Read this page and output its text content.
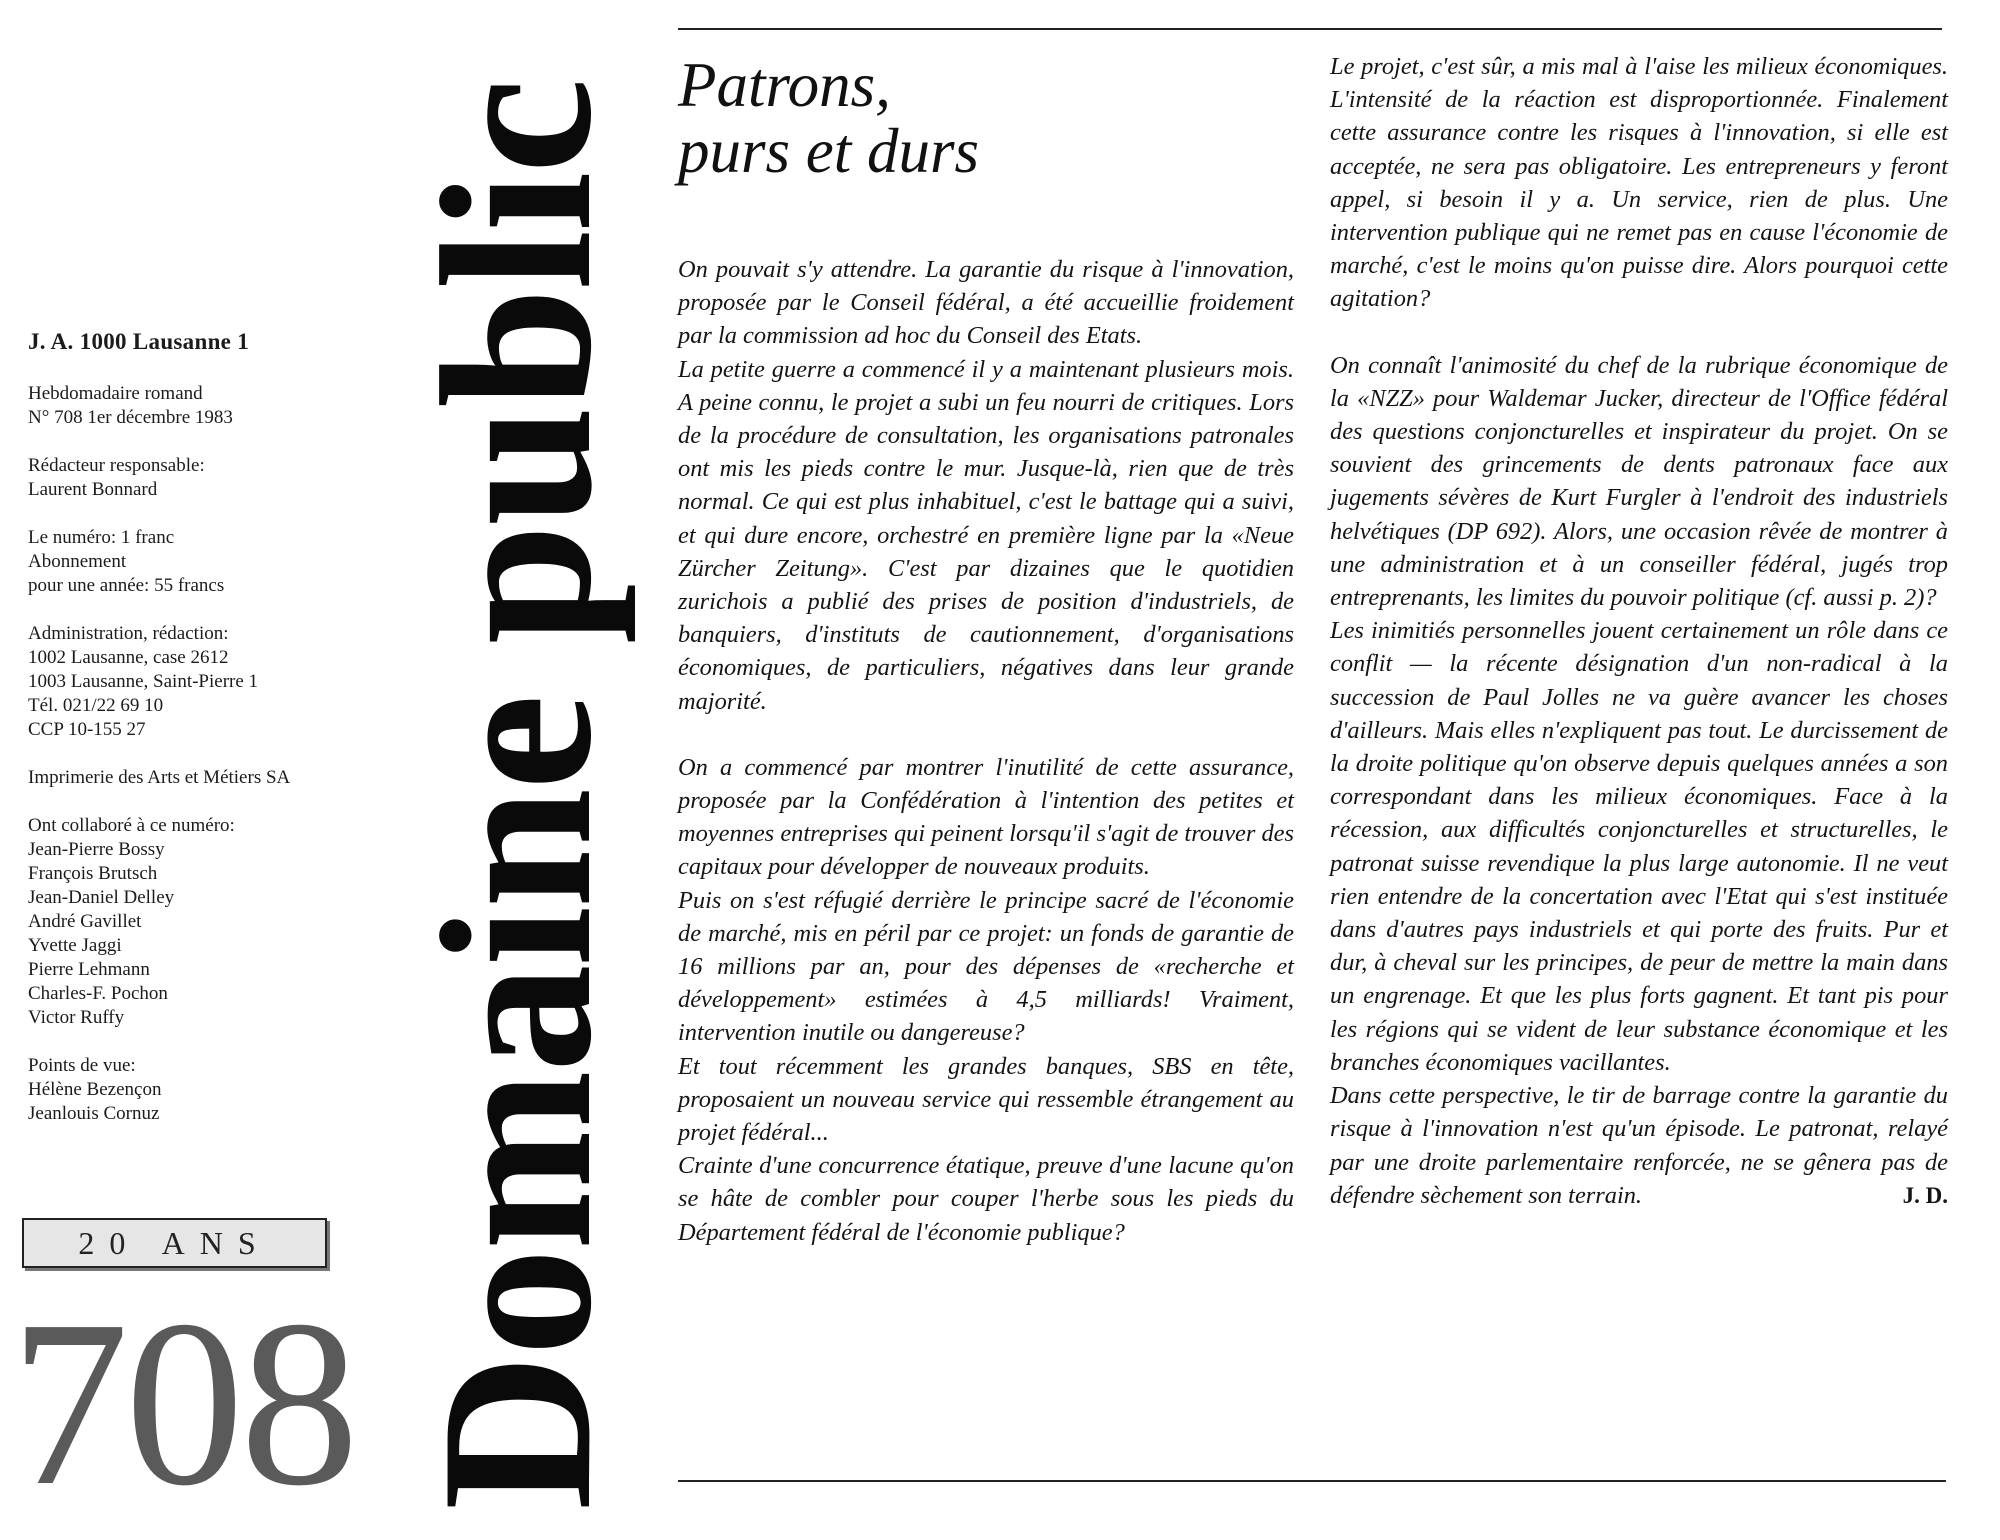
J. A. 1000 Lausanne 1
Hebdomadaire romand
N° 708 1er décembre 1983
Rédacteur responsable:
Laurent Bonnard
Le numéro: 1 franc
Abonnement
pour une année: 55 francs
Administration, rédaction:
1002 Lausanne, case 2612
1003 Lausanne, Saint-Pierre 1
Tél. 021/22 69 10
CCP 10-155 27
Imprimerie des Arts et Métiers SA
Ont collaboré à ce numéro:
Jean-Pierre Bossy
François Brutsch
Jean-Daniel Delley
André Gavillet
Yvette Jaggi
Pierre Lehmann
Charles-F. Pochon
Victor Ruffy
Points de vue:
Hélène Bezençon
Jeanlouis Cornuz
20 ANS
708 Domaine public Patrons,
purs et durs

On pouvait s'y attendre. La garantie du risque à l'innovation, proposée par le Conseil fédéral, a été accueillie froidement par la commission ad hoc du Conseil des Etats.

La petite guerre a commencé il y a maintenant plusieurs mois. A peine connu, le projet a subi un feu nourri de critiques. Lors de la procédure de consultation, les organisations patronales ont mis les pieds contre le mur. Jusque-là, rien que de très normal. Ce qui est plus inhabituel, c'est le battage qui a suivi, et qui dure encore, orchestré en première ligne par la «Neue Zürcher Zeitung». C'est par dizaines que le quotidien zurichois a publié des prises de position d'industriels, de banquiers, d'instituts de cautionnement, d'organisations économiques, de particuliers, négatives dans leur grande majorité.

On a commencé par montrer l'inutilité de cette assurance, proposée par la Confédération à l'intention des petites et moyennes entreprises qui peinent lorsqu'il s'agit de trouver des capitaux pour développer de nouveaux produits.

Puis on s'est réfugié derrière le principe sacré de l'économie de marché, mis en péril par ce projet: un fonds de garantie de 16 millions par an, pour des dépenses de «recherche et développement» estimées à 4,5 milliards! Vraiment, intervention inutile ou dangereuse?

Et tout récemment les grandes banques, SBS en tête, proposaient un nouveau service qui ressemble étrangement au projet fédéral...

Crainte d'une concurrence étatique, preuve d'une lacune qu'on se hâte de combler pour couper l'herbe sous les pieds du Département fédéral de l'économie publique?

Le projet, c'est sûr, a mis mal à l'aise les milieux économiques. L'intensité de la réaction est disproportionnée. Finalement cette assurance contre les risques à l'innovation, si elle est acceptée, ne sera pas obligatoire. Les entrepreneurs y feront appel, si besoin il y a. Un service, rien de plus. Une intervention publique qui ne remet pas en cause l'économie de marché, c'est le moins qu'on puisse dire. Alors pourquoi cette agitation?

On connaît l'animosité du chef de la rubrique économique de la «NZZ» pour Waldemar Jucker, directeur de l'Office fédéral des questions conjoncturelles et inspirateur du projet. On se souvient des grincements de dents patronaux face aux jugements sévères de Kurt Furgler à l'endroit des industriels helvétiques (DP 692). Alors, une occasion rêvée de montrer à une administration et à un conseiller fédéral, jugés trop entreprenants, les limites du pouvoir politique (cf. aussi p. 2)?

Les inimitiés personnelles jouent certainement un rôle dans ce conflit — la récente désignation d'un non-radical à la succession de Paul Jolles ne va guère avancer les choses d'ailleurs. Mais elles n'expliquent pas tout. Le durcissement de la droite politique qu'on observe depuis quelques années a son correspondant dans les milieux économiques. Face à la récession, aux difficultés conjoncturelles et structurelles, le patronat suisse revendique la plus large autonomie. Il ne veut rien entendre de la concertation avec l'Etat qui s'est instituée dans d'autres pays industriels et qui porte des fruits. Pur et dur, à cheval sur les principes, de peur de mettre la main dans un engrenage. Et que les plus forts gagnent. Et tant pis pour les régions qui se vident de leur substance économique et les branches économiques vacillantes.

Dans cette perspective, le tir de barrage contre la garantie du risque à l'innovation n'est qu'un épisode. Le patronat, relayé par une droite parlementaire renforcée, ne se gênera pas de défendre sèchement son terrain.	J. D.
